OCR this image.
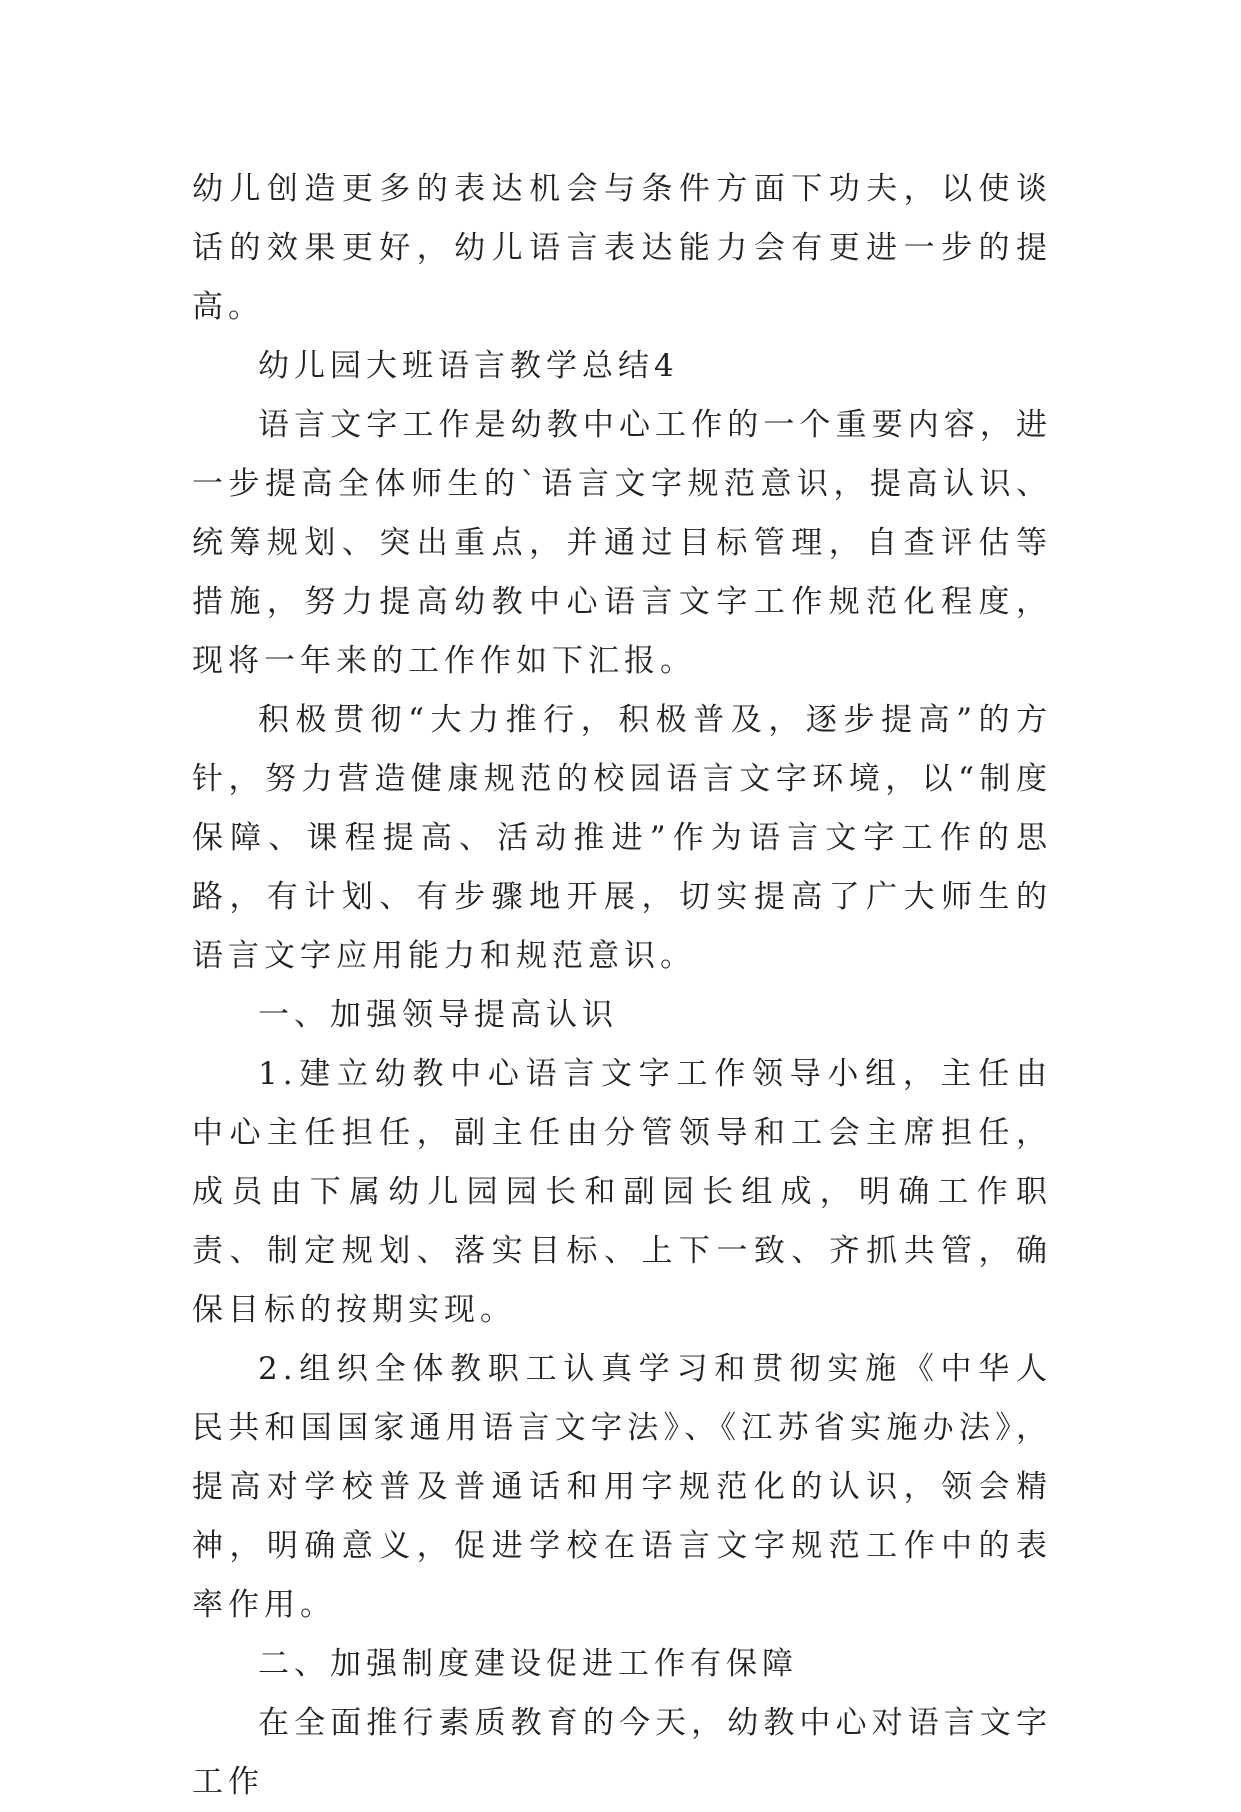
幼儿创造更多的表达机会与条件方面下功夫，以使谈话的效果更好，幼儿语言表达能力会有更进一步的提高。

幼儿园大班语言教学总结4

语言文字工作是幼教中心工作的一个重要内容，进一步提高全体师生的`语言文字规范意识，提高认识、统筹规划、突出重点，并通过目标管理，自查评估等措施，努力提高幼教中心语言文字工作规范化程度，现将一年来的工作作如下汇报。

积极贯彻“大力推行，积极普及，逐步提高”的方针，努力营造健康规范的校园语言文字环境，以“制度保障、课程提高、活动推进”作为语言文字工作的思路，有计划、有步骤地开展，切实提高了广大师生的语言文字应用能力和规范意识。

一、加强领导提高认识

1.建立幼教中心语言文字工作领导小组，主任由中心主任担任，副主任由分管领导和工会主席担任，成员由下属幼儿园园长和副园长组成，明确工作职责、制定规划、落实目标、上下一致、齐抓共管，确保目标的按期实现。

2.组织全体教职工认真学习和贯彻实施《中华人民共和国国家通用语言文字法》、《江苏省实施办法》，提高对学校普及普通话和用字规范化的认识，领会精神，明确意义，促进学校在语言文字规范工作中的表率作用。

二、加强制度建设促进工作有保障

在全面推行素质教育的今天，幼教中心对语言文字工作
